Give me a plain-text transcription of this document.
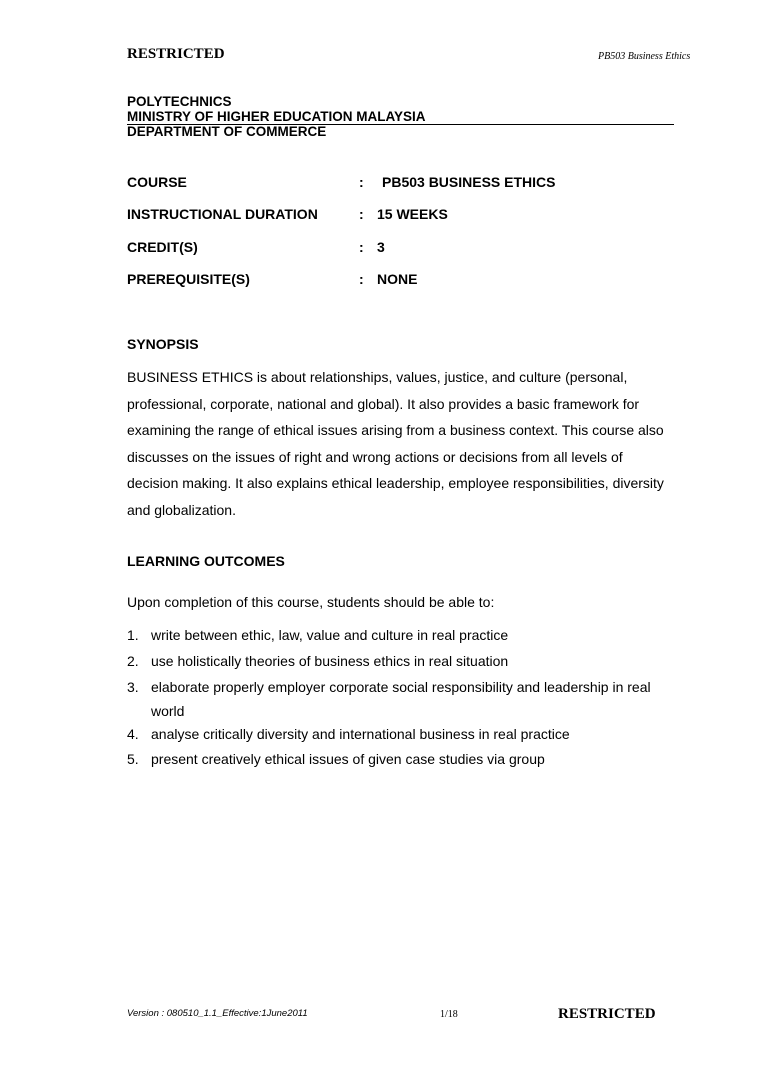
RESTRICTED	PB503 Business Ethics
POLYTECHNICS
MINISTRY OF HIGHER EDUCATION MALAYSIA
DEPARTMENT OF COMMERCE
COURSE	: PB503 BUSINESS ETHICS
INSTRUCTIONAL DURATION	: 15 WEEKS
CREDIT(S)	: 3
PREREQUISITE(S)	: NONE
SYNOPSIS
BUSINESS ETHICS is about relationships, values, justice, and culture (personal,
professional, corporate, national and global). It also provides a basic framework for
examining the range of ethical issues arising from a business context. This course also
discusses on the issues of right and wrong actions or decisions from all levels of
decision making. It also explains ethical leadership, employee responsibilities, diversity
and globalization.
LEARNING OUTCOMES
Upon completion of this course, students should be able to:
1. write between ethic, law, value and culture in real practice
2. use holistically theories of business ethics in real situation
3. elaborate properly employer corporate social responsibility and leadership in real
world
4. analyse critically diversity and international business in real practice
5. present creatively ethical issues of given case studies via group
Version : 080510_1.1_Effective:1June2011	1/18	RESTRICTED
